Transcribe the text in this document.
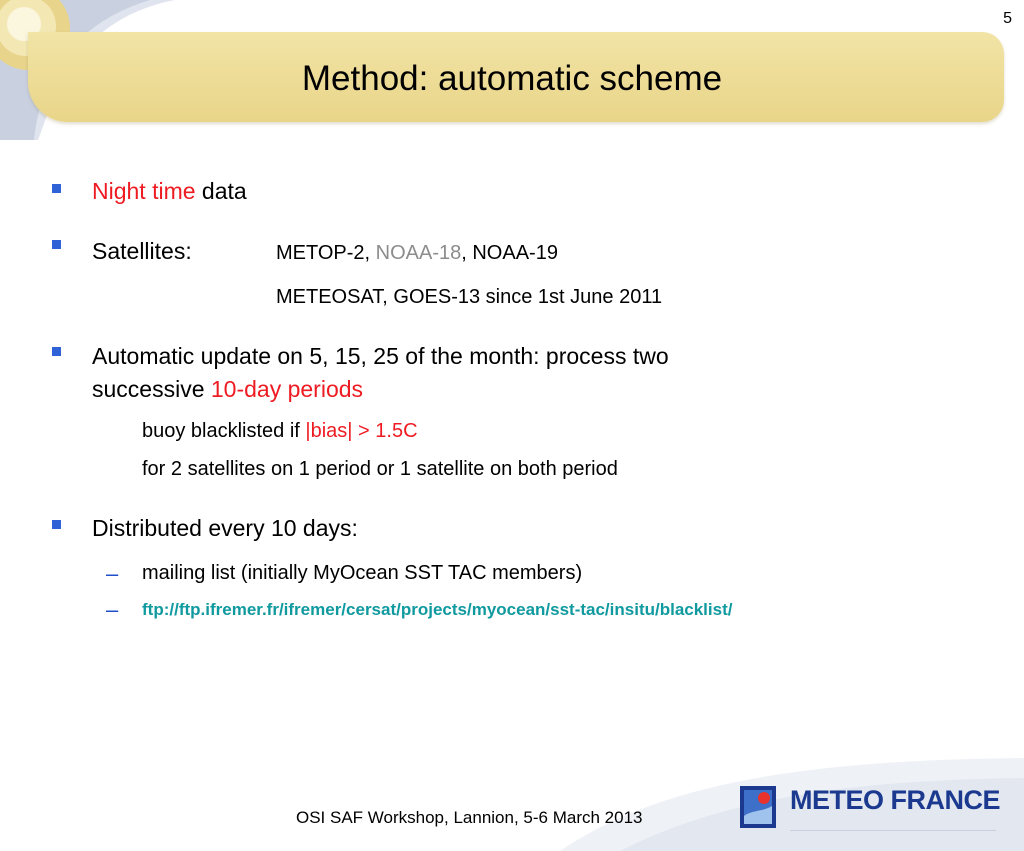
Method: automatic scheme
5
Night time data
Satellites:	METOP-2, NOAA-18, NOAA-19
METEOSAT, GOES-13 since 1st June 2011
Automatic update on 5, 15, 25 of the month: process two
successive 10-day periods
buoy blacklisted if |bias| > 1.5C
for 2 satellites on 1 period or 1 satellite on both period
Distributed every 10 days:
– mailing list (initially MyOcean SST TAC members)
– ftp://ftp.ifremer.fr/ifremer/cersat/projects/myocean/sst-tac/insitu/blacklist/
OSI SAF Workshop, Lannion, 5-6 March 2013
METEO FRANCE
